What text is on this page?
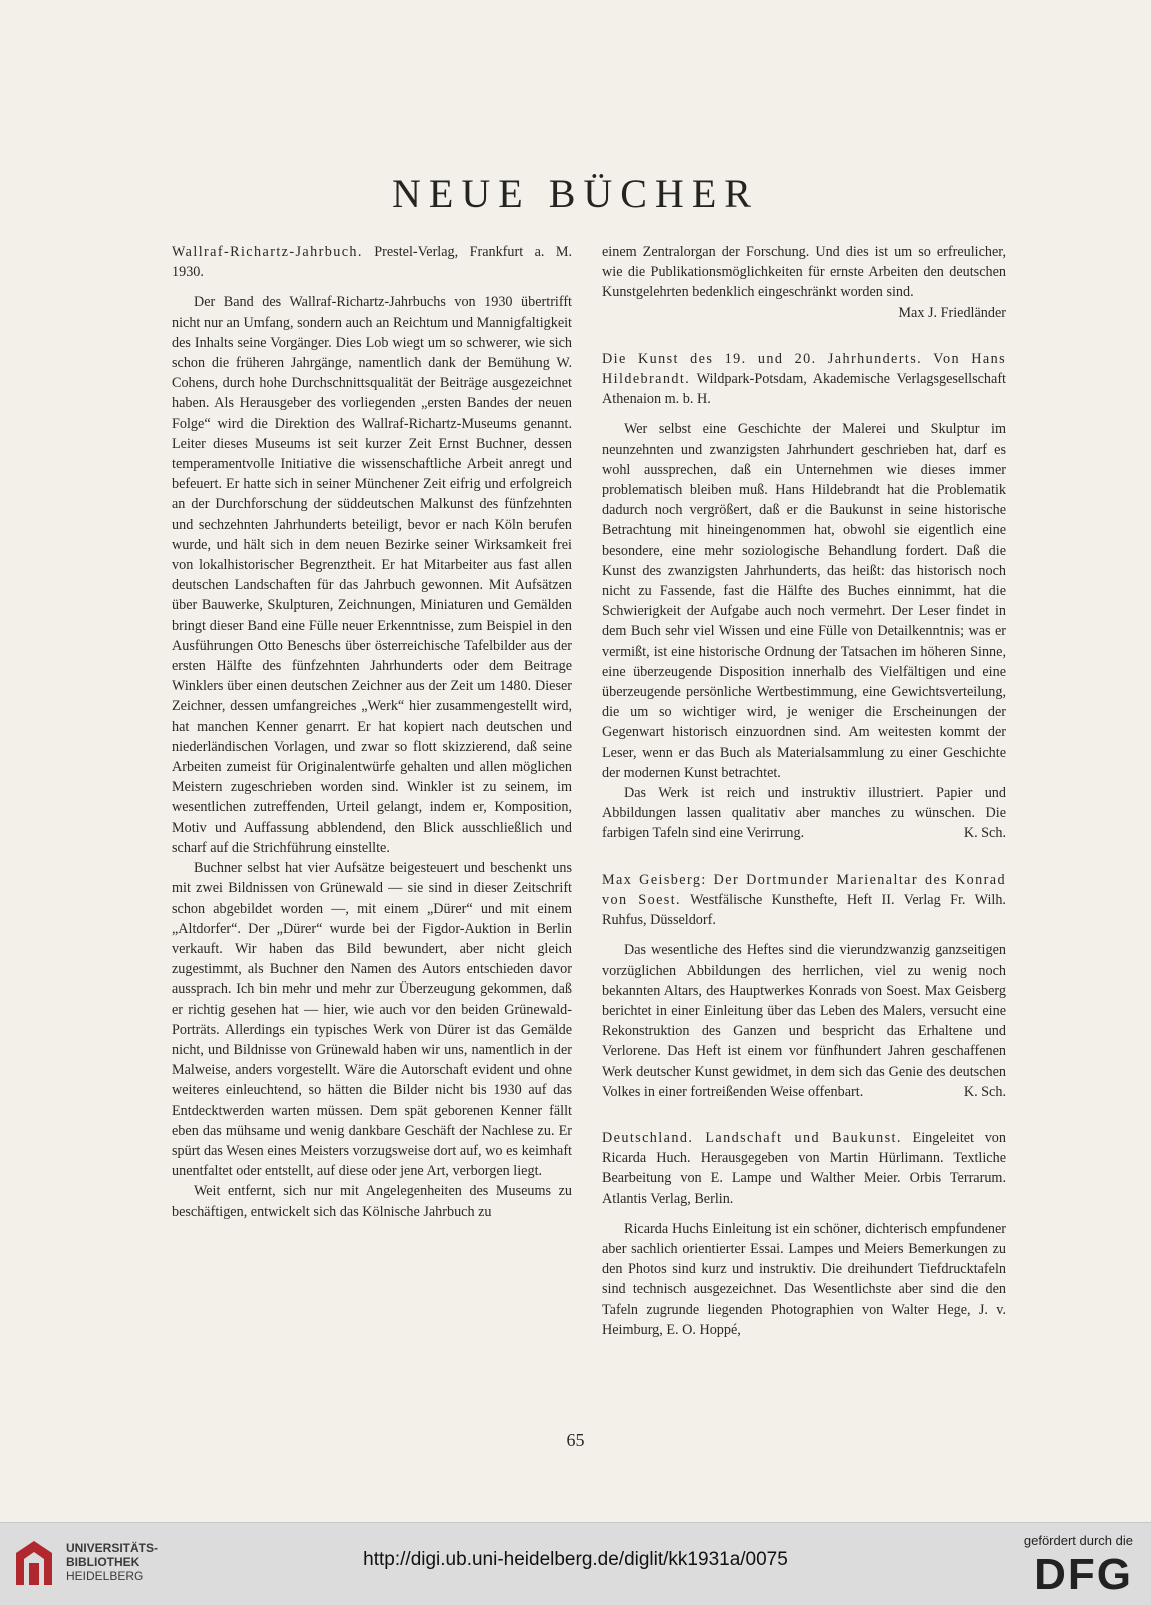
NEUE BÜCHER

Wallraf-Richartz-Jahrbuch. Prestel-Verlag, Frankfurt a. M. 1930.

Der Band des Wallraf-Richartz-Jahrbuchs von 1930 übertrifft nicht nur an Umfang, sondern auch an Reichtum und Mannigfaltigkeit des Inhalts seine Vorgänger. Dies Lob wiegt um so schwerer, wie sich schon die früheren Jahrgänge, namentlich dank der Bemühung W. Cohens, durch hohe Durchschnittsqualität der Beiträge ausgezeichnet haben. Als Herausgeber des vorliegenden „ersten Bandes der neuen Folge“ wird die Direktion des Wallraf-Richartz-Museums genannt. Leiter dieses Museums ist seit kurzer Zeit Ernst Buchner, dessen temperamentvolle Initiative die wissenschaftliche Arbeit anregt und befeuert. Er hatte sich in seiner Münchener Zeit eifrig und erfolgreich an der Durchforschung der süddeutschen Malkunst des fünfzehnten und sechzehnten Jahrhunderts beteiligt, bevor er nach Köln berufen wurde, und hält sich in dem neuen Bezirke seiner Wirksamkeit frei von lokalhistorischer Begrenztheit. Er hat Mitarbeiter aus fast allen deutschen Landschaften für das Jahrbuch gewonnen. Mit Aufsätzen über Bauwerke, Skulpturen, Zeichnungen, Miniaturen und Gemälden bringt dieser Band eine Fülle neuer Erkenntnisse, zum Beispiel in den Ausführungen Otto Beneschs über österreichische Tafelbilder aus der ersten Hälfte des fünfzehnten Jahrhunderts oder dem Beitrage Winklers über einen deutschen Zeichner aus der Zeit um 1480. Dieser Zeichner, dessen umfangreiches „Werk“ hier zusammengestellt wird, hat manchen Kenner genarrt. Er hat kopiert nach deutschen und niederländischen Vorlagen, und zwar so flott skizzierend, daß seine Arbeiten zumeist für Originalentwürfe gehalten und allen möglichen Meistern zugeschrieben worden sind. Winkler ist zu seinem, im wesentlichen zutreffenden, Urteil gelangt, indem er, Komposition, Motiv und Auffassung abblendend, den Blick ausschließlich und scharf auf die Strichführung einstellte.

Buchner selbst hat vier Aufsätze beigesteuert und beschenkt uns mit zwei Bildnissen von Grünewald — sie sind in dieser Zeitschrift schon abgebildet worden —, mit einem „Dürer“ und mit einem „Altdorfer“. Der „Dürer“ wurde bei der Figdor-Auktion in Berlin verkauft. Wir haben das Bild bewundert, aber nicht gleich zugestimmt, als Buchner den Namen des Autors entschieden davor aussprach. Ich bin mehr und mehr zur Überzeugung gekommen, daß er richtig gesehen hat — hier, wie auch vor den beiden Grünewald-Porträts. Allerdings ein typisches Werk von Dürer ist das Gemälde nicht, und Bildnisse von Grünewald haben wir uns, namentlich in der Malweise, anders vorgestellt. Wäre die Autorschaft evident und ohne weiteres einleuchtend, so hätten die Bilder nicht bis 1930 auf das Entdecktwerden warten müssen. Dem spät geborenen Kenner fällt eben das mühsame und wenig dankbare Geschäft der Nachlese zu. Er spürt das Wesen eines Meisters vorzugsweise dort auf, wo es keimhaft unentfaltet oder entstellt, auf diese oder jene Art, verborgen liegt.

Weit entfernt, sich nur mit Angelegenheiten des Museums zu beschäftigen, entwickelt sich das Kölnische Jahrbuch zu

einem Zentralorgan der Forschung. Und dies ist um so erfreulicher, wie die Publikationsmöglichkeiten für ernste Arbeiten den deutschen Kunstgelehrten bedenklich eingeschränkt worden sind.
Max J. Friedländer

Die Kunst des 19. und 20. Jahrhunderts. Von Hans Hildebrandt. Wildpark-Potsdam, Akademische Verlagsgesellschaft Athenaion m. b. H.

Wer selbst eine Geschichte der Malerei und Skulptur im neunzehnten und zwanzigsten Jahrhundert geschrieben hat, darf es wohl aussprechen, daß ein Unternehmen wie dieses immer problematisch bleiben muß. Hans Hildebrandt hat die Problematik dadurch noch vergrößert, daß er die Baukunst in seine historische Betrachtung mit hineingenommen hat, obwohl sie eigentlich eine besondere, eine mehr soziologische Behandlung fordert. Daß die Kunst des zwanzigsten Jahrhunderts, das heißt: das historisch noch nicht zu Fassende, fast die Hälfte des Buches einnimmt, hat die Schwierigkeit der Aufgabe auch noch vermehrt. Der Leser findet in dem Buch sehr viel Wissen und eine Fülle von Detailkenntnis; was er vermißt, ist eine historische Ordnung der Tatsachen im höheren Sinne, eine überzeugende Disposition innerhalb des Vielfältigen und eine überzeugende persönliche Wertbestimmung, eine Gewichtsverteilung, die um so wichtiger wird, je weniger die Erscheinungen der Gegenwart historisch einzuordnen sind. Am weitesten kommt der Leser, wenn er das Buch als Materialsammlung zu einer Geschichte der modernen Kunst betrachtet.

Das Werk ist reich und instruktiv illustriert. Papier und Abbildungen lassen qualitativ aber manches zu wünschen. Die farbigen Tafeln sind eine Verirrung.	K. Sch.

Max Geisberg: Der Dortmunder Marienaltar des Konrad von Soest. Westfälische Kunsthefte, Heft II. Verlag Fr. Wilh. Ruhfus, Düsseldorf.

Das wesentliche des Heftes sind die vierundzwanzig ganzseitigen vorzüglichen Abbildungen des herrlichen, viel zu wenig noch bekannten Altars, des Hauptwerkes Konrads von Soest. Max Geisberg berichtet in einer Einleitung über das Leben des Malers, versucht eine Rekonstruktion des Ganzen und bespricht das Erhaltene und Verlorene. Das Heft ist einem vor fünfhundert Jahren geschaffenen Werk deutscher Kunst gewidmet, in dem sich das Genie des deutschen Volkes in einer fortreißenden Weise offenbart.	K. Sch.

Deutschland. Landschaft und Baukunst. Eingeleitet von Ricarda Huch. Herausgegeben von Martin Hürlimann. Textliche Bearbeitung von E. Lampe und Walther Meier. Orbis Terrarum. Atlantis Verlag, Berlin.

Ricarda Huchs Einleitung ist ein schöner, dichterisch empfundener aber sachlich orientierter Essai. Lampes und Meiers Bemerkungen zu den Photos sind kurz und instruktiv. Die dreihundert Tiefdrucktafeln sind technisch ausgezeichnet. Das Wesentlichste aber sind die den Tafeln zugrunde liegenden Photographien von Walter Hege, J. v. Heimburg, E. O. Hoppé,

65
UNIVERSITÄTS-
BIBLIOTHEK
HEIDELBERG
http://digi.ub.uni-heidelberg.de/diglit/kk1931a/0075
gefördert durch die
DFG
